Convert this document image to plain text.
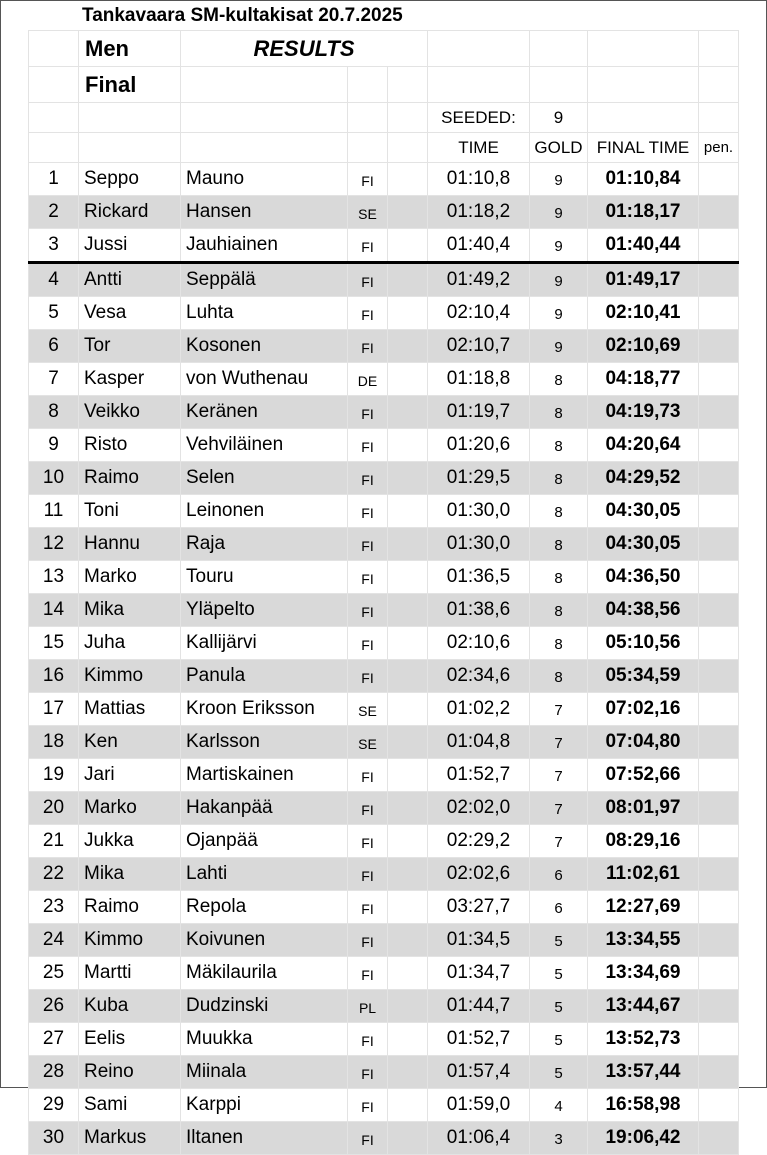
Tankavaara SM-kultakisat 20.7.2025
	Men	RESULTS						
	Final							
					SEEDED:	9		
					TIME	GOLD	FINAL TIME	pen.
1	Seppo	Mauno	FI		01:10,8	9	01:10,84	
2	Rickard	Hansen	SE		01:18,2	9	01:18,17	
3	Jussi	Jauhiainen	FI		01:40,4	9	01:40,44	
4	Antti	Seppälä	FI		01:49,2	9	01:49,17	
5	Vesa	Luhta	FI		02:10,4	9	02:10,41	
6	Tor	Kosonen	FI		02:10,7	9	02:10,69	
7	Kasper	von Wuthenau	DE		01:18,8	8	04:18,77	
8	Veikko	Keränen	FI		01:19,7	8	04:19,73	
9	Risto	Vehviläinen	FI		01:20,6	8	04:20,64	
10	Raimo	Selen	FI		01:29,5	8	04:29,52	
11	Toni	Leinonen	FI		01:30,0	8	04:30,05	
12	Hannu	Raja	FI		01:30,0	8	04:30,05	
13	Marko	Touru	FI		01:36,5	8	04:36,50	
14	Mika	Yläpelto	FI		01:38,6	8	04:38,56	
15	Juha	Kallijärvi	FI		02:10,6	8	05:10,56	
16	Kimmo	Panula	FI		02:34,6	8	05:34,59	
17	Mattias	Kroon Eriksson	SE		01:02,2	7	07:02,16	
18	Ken	Karlsson	SE		01:04,8	7	07:04,80	
19	Jari	Martiskainen	FI		01:52,7	7	07:52,66	
20	Marko	Hakanpää	FI		02:02,0	7	08:01,97	
21	Jukka	Ojanpää	FI		02:29,2	7	08:29,16	
22	Mika	Lahti	FI		02:02,6	6	11:02,61	
23	Raimo	Repola	FI		03:27,7	6	12:27,69	
24	Kimmo	Koivunen	FI		01:34,5	5	13:34,55	
25	Martti	Mäkilaurila	FI		01:34,7	5	13:34,69	
26	Kuba	Dudzinski	PL		01:44,7	5	13:44,67	
27	Eelis	Muukka	FI		01:52,7	5	13:52,73	
28	Reino	Miinala	FI		01:57,4	5	13:57,44	
29	Sami	Karppi	FI		01:59,0	4	16:58,98	
30	Markus	Iltanen	FI		01:06,4	3	19:06,42	
